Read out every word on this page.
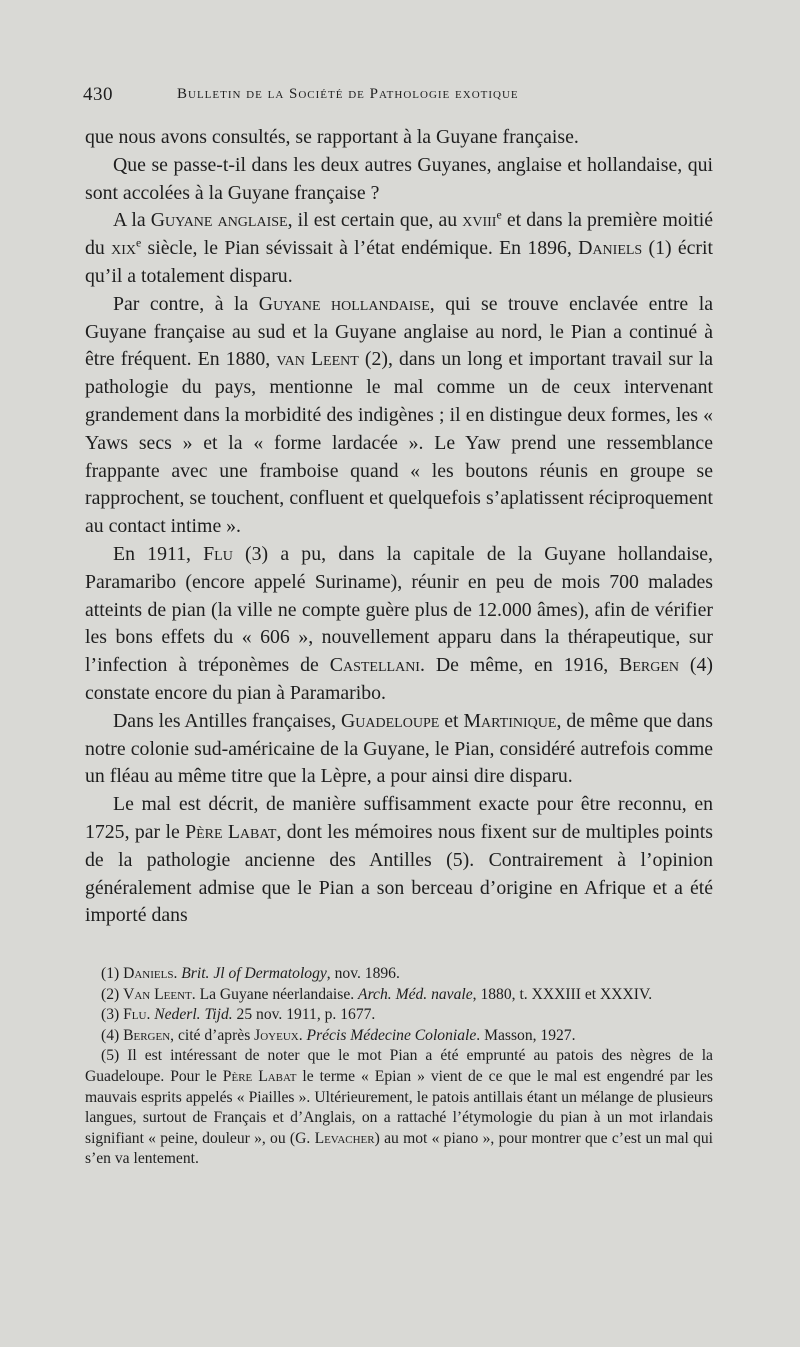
430	Bulletin de la Société de Pathologie exotique

que nous avons consultés, se rapportant à la Guyane française.

Que se passe-t-il dans les deux autres Guyanes, anglaise et hollandaise, qui sont accolées à la Guyane française ?

A la Guyane anglaise, il est certain que, au xviii$^e$ et dans la première moitié du xix$^e$ siècle, le Pian sévissait à l’état endémique. En 1896, Daniels (1) écrit qu’il a totalement disparu.

Par contre, à la Guyane hollandaise, qui se trouve enclavée entre la Guyane française au sud et la Guyane anglaise au nord, le Pian a continué à être fréquent. En 1880, van Leent (2), dans un long et important travail sur la pathologie du pays, mentionne le mal comme un de ceux intervenant grandement dans la morbidité des indigènes ; il en distingue deux formes, les « Yaws secs » et la « forme lardacée ». Le Yaw prend une ressemblance frappante avec une framboise quand « les boutons réunis en groupe se rapprochent, se touchent, confluent et quelquefois s’aplatissent réciproquement au contact intime ».

En 1911, Flu (3) a pu, dans la capitale de la Guyane hollandaise, Paramaribo (encore appelé Suriname), réunir en peu de mois 700 malades atteints de pian (la ville ne compte guère plus de 12.000 âmes), afin de vérifier les bons effets du « 606 », nouvellement apparu dans la thérapeutique, sur l’infection à tréponèmes de Castellani. De même, en 1916, Bergen (4) constate encore du pian à Paramaribo.

Dans les Antilles françaises, Guadeloupe et Martinique, de même que dans notre colonie sud-américaine de la Guyane, le Pian, considéré autrefois comme un fléau au même titre que la Lèpre, a pour ainsi dire disparu.

Le mal est décrit, de manière suffisamment exacte pour être reconnu, en 1725, par le Père Labat, dont les mémoires nous fixent sur de multiples points de la pathologie ancienne des Antilles (5). Contrairement à l’opinion généralement admise que le Pian a son berceau d’origine en Afrique et a été importé dans

(1) Daniels. Brit. Jl of Dermatology, nov. 1896.

(2) Van Leent. La Guyane néerlandaise. Arch. Méd. navale, 1880, t. XXXIII et XXXIV.

(3) Flu. Nederl. Tijd. 25 nov. 1911, p. 1677.

(4) Bergen, cité d’après Joyeux. Précis Médecine Coloniale. Masson, 1927.

(5) Il est intéressant de noter que le mot Pian a été emprunté au patois des nègres de la Guadeloupe. Pour le Père Labat le terme « Epian » vient de ce que le mal est engendré par les mauvais esprits appelés « Piailles ». Ultérieurement, le patois antillais étant un mélange de plusieurs langues, surtout de Français et d’Anglais, on a rattaché l’étymologie du pian à un mot irlandais signifiant « peine, douleur », ou (G. Levacher) au mot « piano », pour montrer que c’est un mal qui s’en va lentement.
